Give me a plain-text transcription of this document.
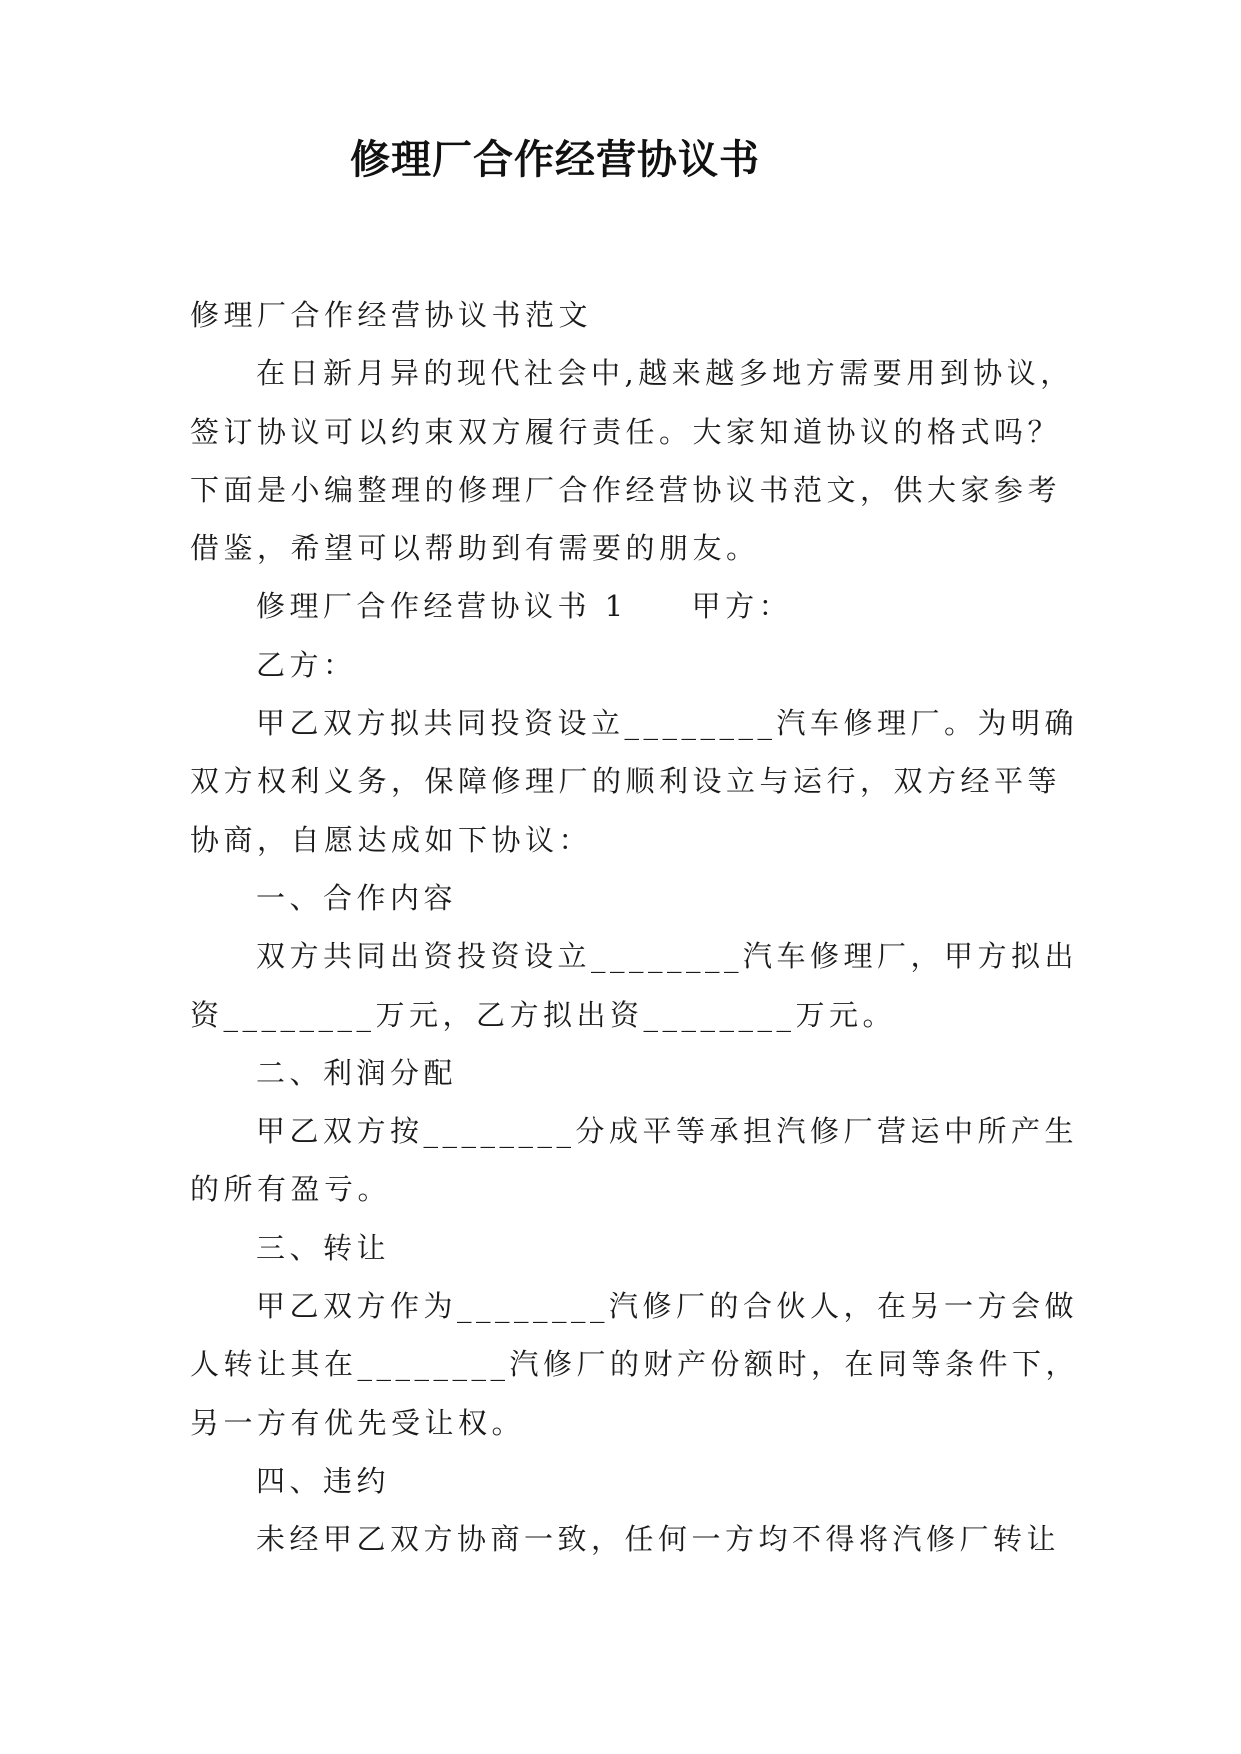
修理厂合作经营协议书
修理厂合作经营协议书范文
在日新月异的现代社会中,越来越多地方需要用到协议，
签订协议可以约束双方履行责任。大家知道协议的格式吗？
下面是小编整理的修理厂合作经营协议书范文，供大家参考
借鉴，希望可以帮助到有需要的朋友。
修理厂合作经营协议书 1 甲方：
乙方：
甲乙双方拟共同投资设立________汽车修理厂。为明确
双方权利义务，保障修理厂的顺利设立与运行，双方经平等
协商，自愿达成如下协议：
一、合作内容
双方共同出资投资设立________汽车修理厂，甲方拟出
资________万元，乙方拟出资________万元。
二、利润分配
甲乙双方按________分成平等承担汽修厂营运中所产生
的所有盈亏。
三、转让
甲乙双方作为________汽修厂的合伙人，在另一方会做
人转让其在________汽修厂的财产份额时，在同等条件下，
另一方有优先受让权。
四、违约
未经甲乙双方协商一致，任何一方均不得将汽修厂转让
